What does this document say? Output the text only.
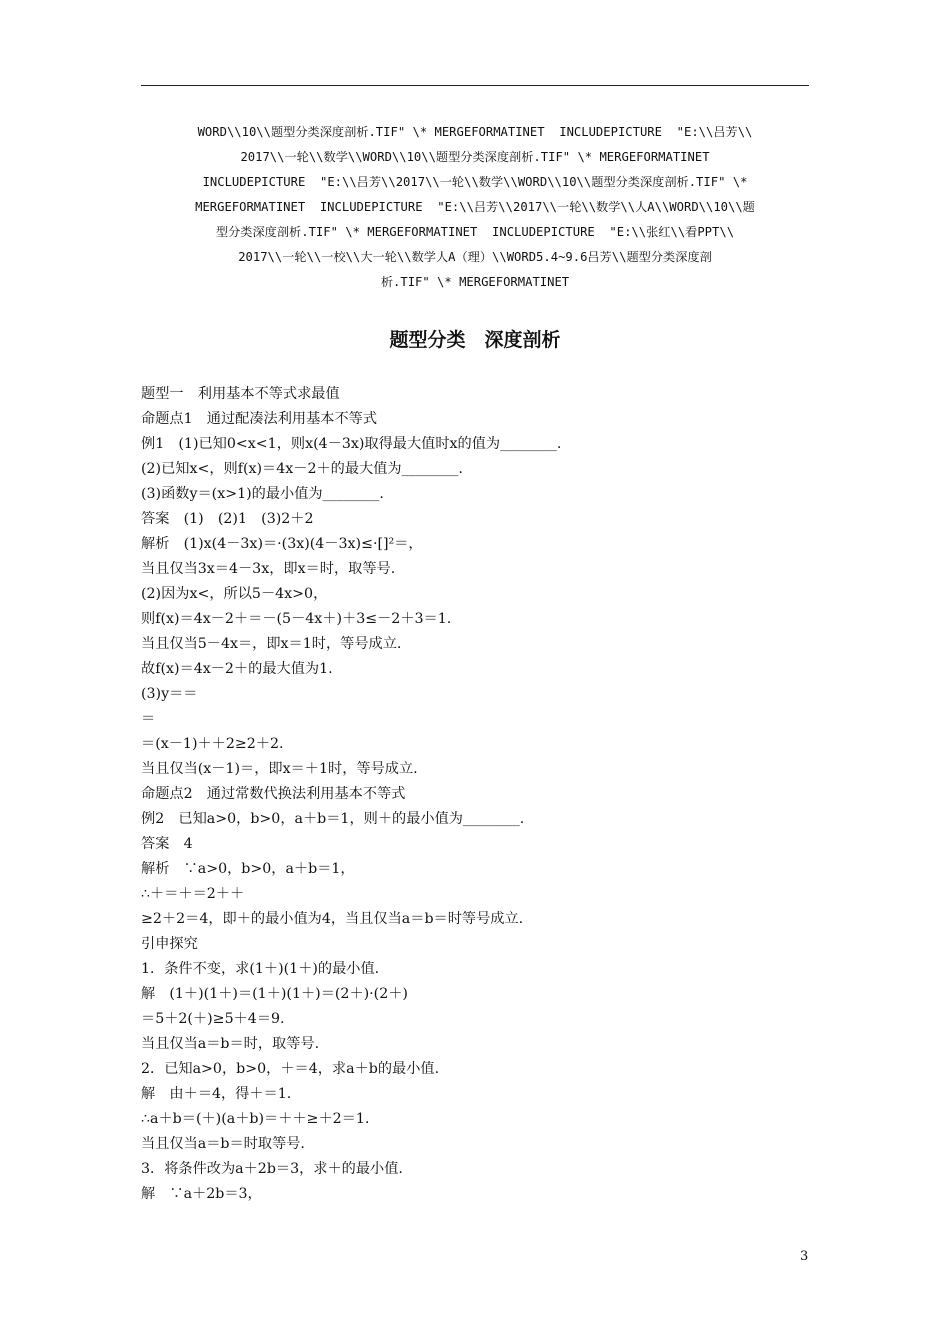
WORD\\10\\题型分类深度剖析.TIF" \* MERGEFORMATINET  INCLUDEPICTURE  "E:\\吕芳\\
2017\\一轮\\数学\\WORD\\10\\题型分类深度剖析.TIF" \* MERGEFORMATINET
INCLUDEPICTURE  "E:\\吕芳\\2017\\一轮\\数学\\WORD\\10\\题型分类深度剖析.TIF" \*
MERGEFORMATINET  INCLUDEPICTURE  "E:\\吕芳\\2017\\一轮\\数学\\人A\\WORD\\10\\题
型分类深度剖析.TIF" \* MERGEFORMATINET  INCLUDEPICTURE  "E:\\张红\\看PPT\\
2017\\一轮\\一校\\大一轮\\数学人A（理）\\WORD5.4~9.6吕芳\\题型分类深度剖
析.TIF" \* MERGEFORMATINET
题型分类　深度剖析
题型一　利用基本不等式求最值
命题点1　通过配凑法利用基本不等式
例1　(1)已知0<x<1，则x(4－3x)取得最大值时x的值为________.
(2)已知x<，则f(x)＝4x－2＋的最大值为________.
(3)函数y＝(x>1)的最小值为________.
答案　(1)　(2)1　(3)2＋2
解析　(1)x(4－3x)＝·(3x)(4－3x)≤·[]²＝，
当且仅当3x＝4－3x，即x＝时，取等号.
(2)因为x<，所以5－4x>0，
则f(x)＝4x－2＋＝－(5－4x＋)＋3≤－2＋3＝1.
当且仅当5－4x＝，即x＝1时，等号成立.
故f(x)＝4x－2＋的最大值为1.
(3)y＝＝
＝
＝(x－1)＋＋2≥2＋2.
当且仅当(x－1)＝，即x＝＋1时，等号成立.
命题点2　通过常数代换法利用基本不等式
例2　已知a>0，b>0，a＋b＝1，则＋的最小值为________.
答案　4
解析　∵a>0，b>0，a＋b＝1，
∴＋＝＋＝2＋＋
≥2＋2＝4，即＋的最小值为4，当且仅当a＝b＝时等号成立.
引申探究
1．条件不变，求(1＋)(1＋)的最小值.
解　(1＋)(1＋)＝(1＋)(1＋)＝(2＋)·(2＋)
＝5＋2(＋)≥5＋4＝9.
当且仅当a＝b＝时，取等号.
2．已知a>0，b>0，＋＝4，求a＋b的最小值.
解　由＋＝4，得＋＝1.
∴a＋b＝(＋)(a＋b)＝＋＋≥＋2＝1.
当且仅当a＝b＝时取等号.
3．将条件改为a＋2b＝3，求＋的最小值.
解　∵a＋2b＝3，
3
